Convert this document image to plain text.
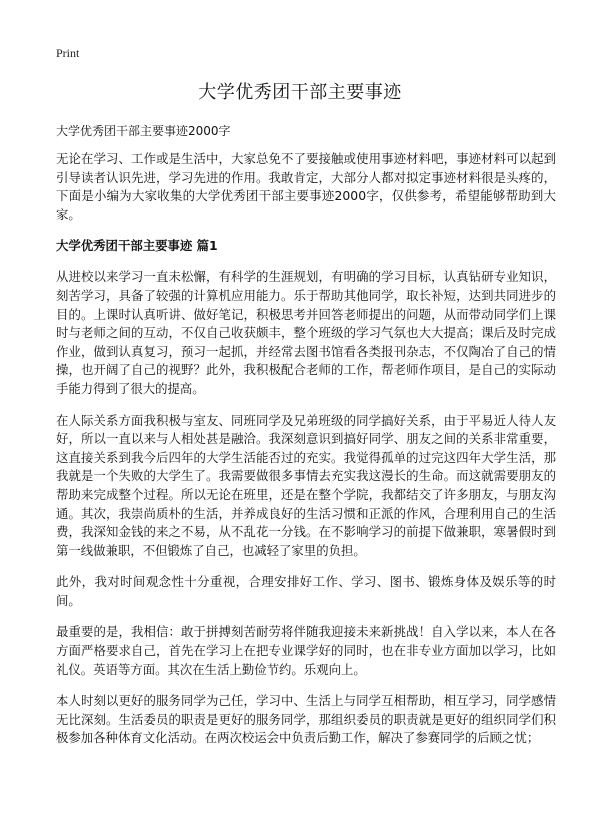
Print
大学优秀团干部主要事迹

大学优秀团干部主要事迹2000字

无论在学习、工作或是生活中，大家总免不了要接触或使用事迹材料吧，事迹材料可以起到引导读者认识先进，学习先进的作用。我敢肯定，大部分人都对拟定事迹材料很是头疼的，下面是小编为大家收集的大学优秀团干部主要事迹2000字，仅供参考，希望能够帮助到大家。

大学优秀团干部主要事迹 篇1

从进校以来学习一直未松懈，有科学的生涯规划，有明确的学习目标，认真钻研专业知识，刻苦学习，具备了较强的计算机应用能力。乐于帮助其他同学，取长补短，达到共同进步的目的。上课时认真听讲、做好笔记，积极思考并回答老师提出的问题，从而带动同学们上课时与老师之间的互动，不仅自己收获颇丰，整个班级的学习气氛也大大提高；课后及时完成作业，做到认真复习，预习一起抓，并经常去图书馆看各类报刊杂志，不仅陶冶了自己的情操，也开阔了自己的视野？此外，我积极配合老师的工作，帮老师作项目，是自己的实际动手能力得到了很大的提高。

在人际关系方面我积极与室友、同班同学及兄弟班级的同学搞好关系，由于平易近人待人友好，所以一直以来与人相处甚是融洽。我深刻意识到搞好同学、朋友之间的关系非常重要，这直接关系到我今后四年的大学生活能否过的充实。我觉得孤单的过完这四年大学生活，那我就是一个失败的大学生了。我需要做很多事情去充实我这漫长的生命。而这就需要朋友的帮助来完成整个过程。所以无论在班里，还是在整个学院，我都结交了许多朋友，与朋友沟通。其次，我崇尚质朴的生活，并养成良好的生活习惯和正派的作风，合理利用自己的生活费，我深知金钱的来之不易，从不乱花一分钱。在不影响学习的前提下做兼职，寒暑假时到第一线做兼职，不但锻炼了自己，也减轻了家里的负担。

此外，我对时间观念性十分重视，合理安排好工作、学习、图书、锻炼身体及娱乐等的时间。

最重要的是，我相信：敢于拼搏刻苦耐劳将伴随我迎接未来新挑战！自入学以来，本人在各方面严格要求自己，首先在学习上在把专业课学好的同时，也在非专业方面加以学习，比如礼仪。英语等方面。其次在生活上勤俭节约。乐观向上。

本人时刻以更好的服务同学为己任，学习中、生活上与同学互相帮助，相互学习，同学感情无比深刻。生活委员的职责是更好的服务同学，那组织委员的职责就是更好的组织同学们积极参加各种体育文化活动。在两次校运会中负责后勤工作，解决了参赛同学的后顾之忧；
